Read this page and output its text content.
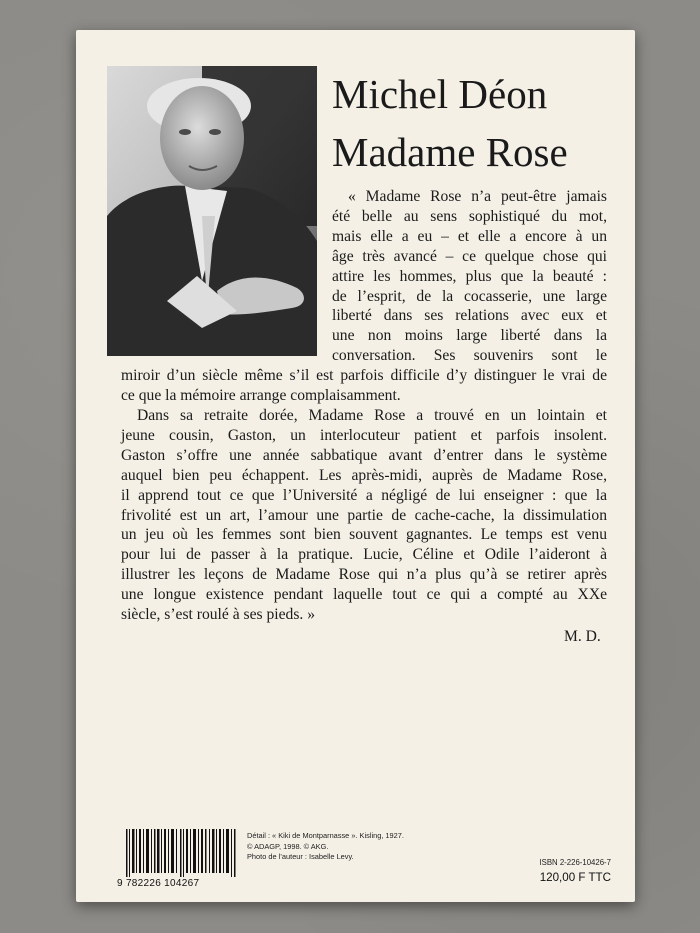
Michel Déon
Madame Rose
« Madame Rose n’a peut-être jamais
été belle au sens sophistiqué du mot,
mais elle a eu – et elle a encore à un
âge très avancé – ce quelque chose qui
attire les hommes, plus que la beauté :
de l’esprit, de la cocasserie, une large
liberté dans ses relations avec eux et
une non moins large liberté dans la
conversation. Ses souvenirs sont le
miroir d’un siècle même s’il est parfois difficile d’y distinguer le vrai de
ce que la mémoire arrange complaisamment.
Dans sa retraite dorée, Madame Rose a trouvé en un lointain et
jeune cousin, Gaston, un interlocuteur patient et parfois insolent.
Gaston s’offre une année sabbatique avant d’entrer dans le système
auquel bien peu échappent. Les après-midi, auprès de Madame Rose,
il apprend tout ce que l’Université a négligé de lui enseigner : que la
frivolité est un art, l’amour une partie de cache-cache, la dissimulation
un jeu où les femmes sont bien souvent gagnantes. Le temps est venu
pour lui de passer à la pratique. Lucie, Céline et Odile l’aideront à
illustrer les leçons de Madame Rose qui n’a plus qu’à se retirer après
une longue existence pendant laquelle tout ce qui a compté au XXe
siècle, s’est roulé à ses pieds. »
M. D.
9 782226 104267
Détail : « Kiki de Montparnasse ». Kisling, 1927.
© ADAGP, 1998. © AKG.
Photo de l’auteur : Isabelle Levy.
ISBN 2-226-10426-7
120,00 F TTC
